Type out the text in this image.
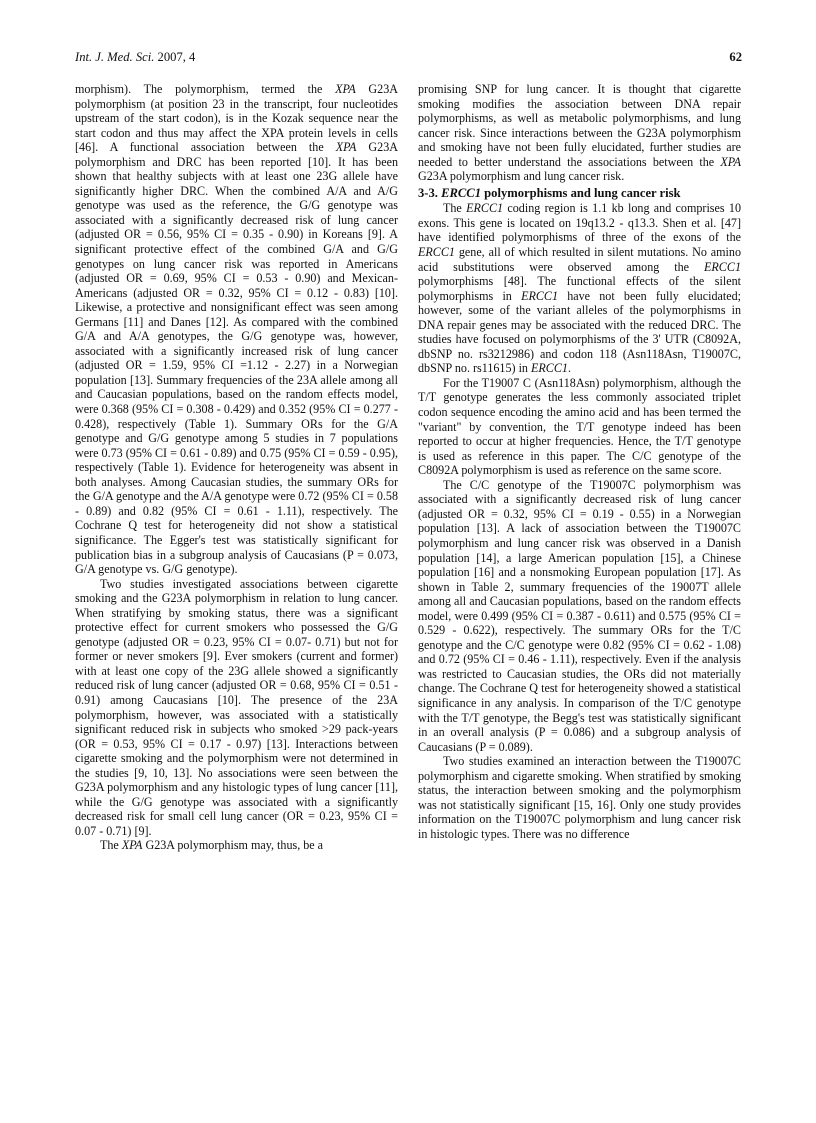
Int. J. Med. Sci. 2007, 4	62

morphism). The polymorphism, termed the XPA G23A polymorphism (at position 23 in the transcript, four nucleotides upstream of the start codon), is in the Kozak sequence near the start codon and thus may affect the XPA protein levels in cells [46]. A functional association between the XPA G23A polymorphism and DRC has been reported [10]. It has been shown that healthy subjects with at least one 23G allele have significantly higher DRC. When the combined A/A and A/G genotype was used as the reference, the G/G genotype was associated with a significantly decreased risk of lung cancer (adjusted OR = 0.56, 95% CI = 0.35 - 0.90) in Koreans [9]. A significant protective effect of the combined G/A and G/G genotypes on lung cancer risk was reported in Americans (adjusted OR = 0.69, 95% CI = 0.53 - 0.90) and Mexican-Americans (adjusted OR = 0.32, 95% CI = 0.12 - 0.83) [10]. Likewise, a protective and nonsignificant effect was seen among Germans [11] and Danes [12]. As compared with the combined G/A and A/A genotypes, the G/G genotype was, however, associated with a significantly increased risk of lung cancer (adjusted OR = 1.59, 95% CI =1.12 - 2.27) in a Norwegian population [13]. Summary frequencies of the 23A allele among all and Caucasian populations, based on the random effects model, were 0.368 (95% CI = 0.308 - 0.429) and 0.352 (95% CI = 0.277 - 0.428), respectively (Table 1). Summary ORs for the G/A genotype and G/G genotype among 5 studies in 7 populations were 0.73 (95% CI = 0.61 - 0.89) and 0.75 (95% CI = 0.59 - 0.95), respectively (Table 1). Evidence for heterogeneity was absent in both analyses. Among Caucasian studies, the summary ORs for the G/A genotype and the A/A genotype were 0.72 (95% CI = 0.58 - 0.89) and 0.82 (95% CI = 0.61 - 1.11), respectively. The Cochrane Q test for heterogeneity did not show a statistical significance. The Egger's test was statistically significant for publication bias in a subgroup analysis of Caucasians (P = 0.073, G/A genotype vs. G/G genotype).

Two studies investigated associations between cigarette smoking and the G23A polymorphism in relation to lung cancer. When stratifying by smoking status, there was a significant protective effect for current smokers who possessed the G/G genotype (adjusted OR = 0.23, 95% CI = 0.07- 0.71) but not for former or never smokers [9]. Ever smokers (current and former) with at least one copy of the 23G allele showed a significantly reduced risk of lung cancer (adjusted OR = 0.68, 95% CI = 0.51 - 0.91) among Caucasians [10]. The presence of the 23A polymorphism, however, was associated with a statistically significant reduced risk in subjects who smoked >29 pack-years (OR = 0.53, 95% CI = 0.17 - 0.97) [13]. Interactions between cigarette smoking and the polymorphism were not determined in the studies [9, 10, 13]. No associations were seen between the G23A polymorphism and any histologic types of lung cancer [11], while the G/G genotype was associated with a significantly decreased risk for small cell lung cancer (OR = 0.23, 95% CI = 0.07 - 0.71) [9].

The XPA G23A polymorphism may, thus, be a

promising SNP for lung cancer. It is thought that cigarette smoking modifies the association between DNA repair polymorphisms, as well as metabolic polymorphisms, and lung cancer risk. Since interactions between the G23A polymorphism and smoking have not been fully elucidated, further studies are needed to better understand the associations between the XPA G23A polymorphism and lung cancer risk.

3-3. ERCC1 polymorphisms and lung cancer risk

The ERCC1 coding region is 1.1 kb long and comprises 10 exons. This gene is located on 19q13.2 - q13.3. Shen et al. [47] have identified polymorphisms of three of the exons of the ERCC1 gene, all of which resulted in silent mutations. No amino acid substitutions were observed among the ERCC1 polymorphisms [48]. The functional effects of the silent polymorphisms in ERCC1 have not been fully elucidated; however, some of the variant alleles of the polymorphisms in DNA repair genes may be associated with the reduced DRC. The studies have focused on polymorphisms of the 3' UTR (C8092A, dbSNP no. rs3212986) and codon 118 (Asn118Asn, T19007C, dbSNP no. rs11615) in ERCC1.

For the T19007 C (Asn118Asn) polymorphism, although the T/T genotype generates the less commonly associated triplet codon sequence encoding the amino acid and has been termed the "variant" by convention, the T/T genotype indeed has been reported to occur at higher frequencies. Hence, the T/T genotype is used as reference in this paper. The C/C genotype of the C8092A polymorphism is used as reference on the same score.

The C/C genotype of the T19007C polymorphism was associated with a significantly decreased risk of lung cancer (adjusted OR = 0.32, 95% CI = 0.19 - 0.55) in a Norwegian population [13]. A lack of association between the T19007C polymorphism and lung cancer risk was observed in a Danish population [14], a large American population [15], a Chinese population [16] and a nonsmoking European population [17]. As shown in Table 2, summary frequencies of the 19007T allele among all and Caucasian populations, based on the random effects model, were 0.499 (95% CI = 0.387 - 0.611) and 0.575 (95% CI = 0.529 - 0.622), respectively. The summary ORs for the T/C genotype and the C/C genotype were 0.82 (95% CI = 0.62 - 1.08) and 0.72 (95% CI = 0.46 - 1.11), respectively. Even if the analysis was restricted to Caucasian studies, the ORs did not materially change. The Cochrane Q test for heterogeneity showed a statistical significance in any analysis. In comparison of the T/C genotype with the T/T genotype, the Begg's test was statistically significant in an overall analysis (P = 0.086) and a subgroup analysis of Caucasians (P = 0.089).

Two studies examined an interaction between the T19007C polymorphism and cigarette smoking. When stratified by smoking status, the interaction between smoking and the polymorphism was not statistically significant [15, 16]. Only one study provides information on the T19007C polymorphism and lung cancer risk in histologic types. There was no difference
